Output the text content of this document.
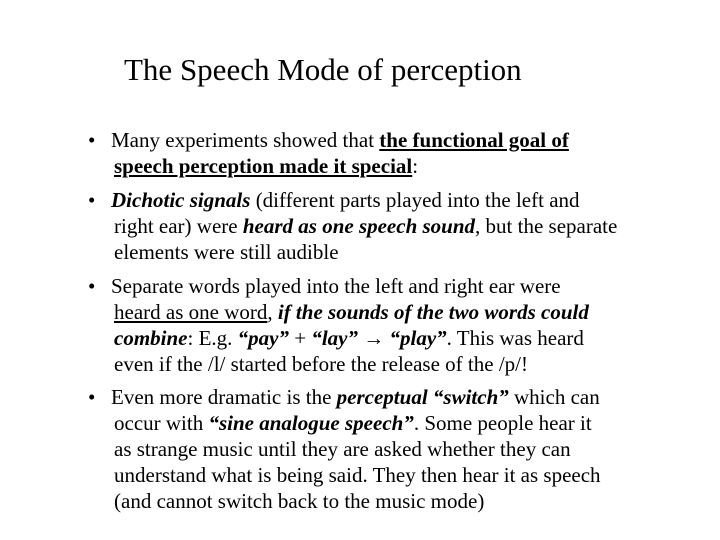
The Speech Mode of perception
• Many experiments showed that the functional goal of
speech perception made it special:
• Dichotic signals (different parts played into the left and
right ear) were heard as one speech sound, but the separate
elements were still audible
• Separate words played into the left and right ear were
heard as one word, if the sounds of the two words could
combine: E.g. “pay” + “lay” → “play”. This was heard
even if the /l/ started before the release of the /p/!
• Even more dramatic is the perceptual “switch” which can
occur with “sine analogue speech”. Some people hear it
as strange music until they are asked whether they can
understand what is being said. They then hear it as speech
(and cannot switch back to the music mode)
